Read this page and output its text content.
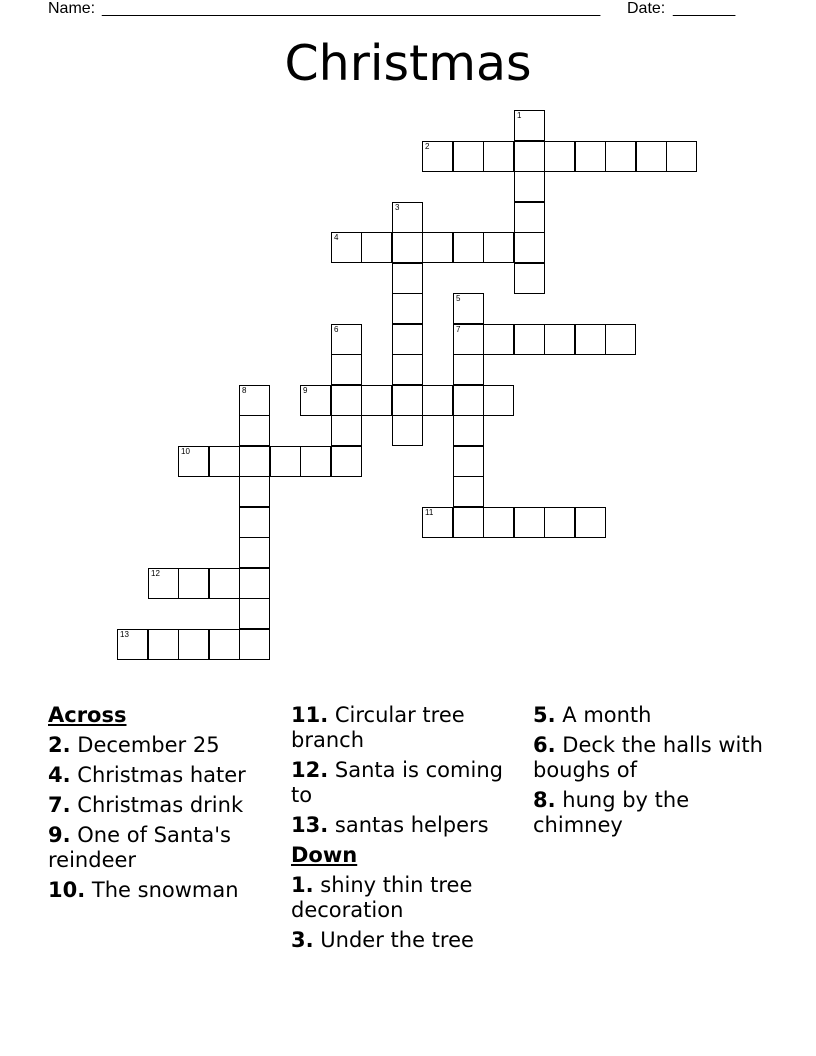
Name: ________________________________________________________ Date: _______
Christmas
1
2
3
4
5
7
6
8	9
10
11
12
13
Across
2. December 25
4. Christmas hater
7. Christmas drink
9. One of Santa's reindeer
10. The snowman
11. Circular tree branch
12. Santa is coming to
13. santas helpers
Down
1. shiny thin tree decoration
3. Under the tree
5. A month
6. Deck the halls with boughs of
8. hung by the chimney
